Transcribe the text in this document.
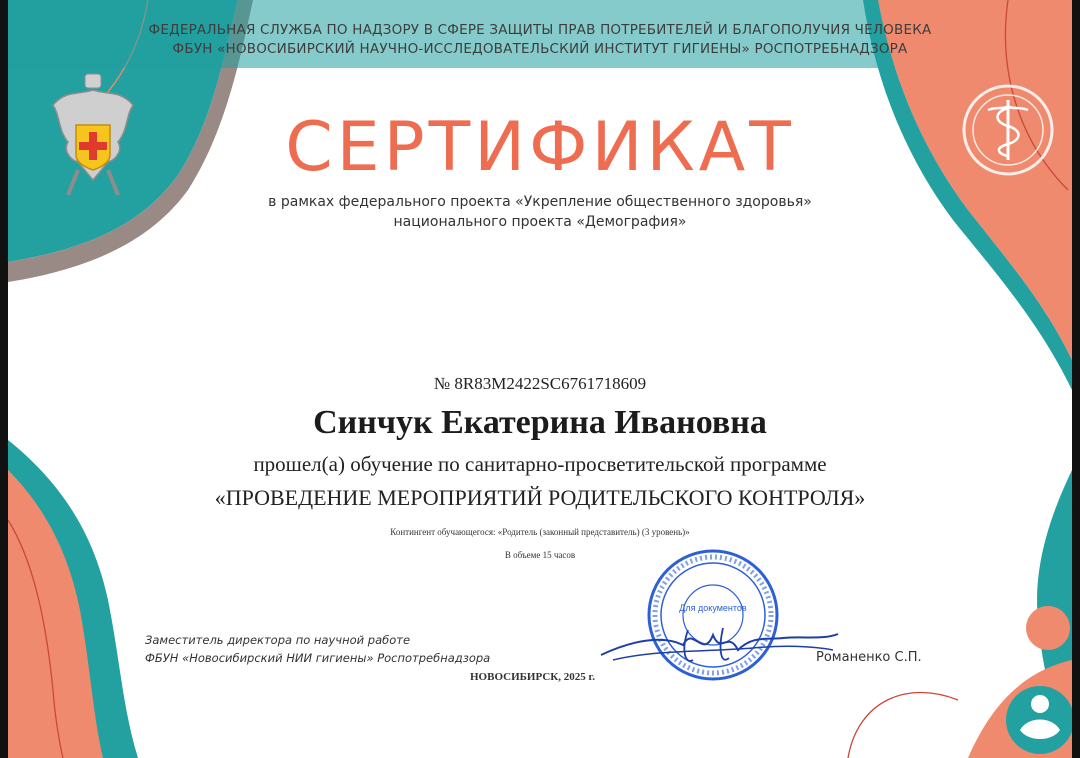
ФЕДЕРАЛЬНАЯ СЛУЖБА ПО НАДЗОРУ В СФЕРЕ ЗАЩИТЫ ПРАВ ПОТРЕБИТЕЛЕЙ И БЛАГОПОЛУЧИЯ ЧЕЛОВЕКА
ФБУН «НОВОСИБИРСКИЙ НАУЧНО-ИССЛЕДОВАТЕЛЬСКИЙ ИНСТИТУТ ГИГИЕНЫ» РОСПОТРЕБНАДЗОРА
СЕРТИФИКАТ
в рамках федерального проекта «Укрепление общественного здоровья»
национального проекта «Демография»
№ 8R83M2422SC6761718609
Синчук Екатерина Ивановна
прошел(а) обучение по санитарно-просветительской программе
«ПРОВЕДЕНИЕ МЕРОПРИЯТИЙ РОДИТЕЛЬСКОГО КОНТРОЛЯ»
Контингент обучающегося: «Родитель (законный представитель) (3 уровень)»
В объеме 15 часов
Для документов
Заместитель директора по научной работе
ФБУН «Новосибирский НИИ гигиены» Роспотребнадзора	Романенко С.П.
НОВОСИБИРСК, 2025 г.
